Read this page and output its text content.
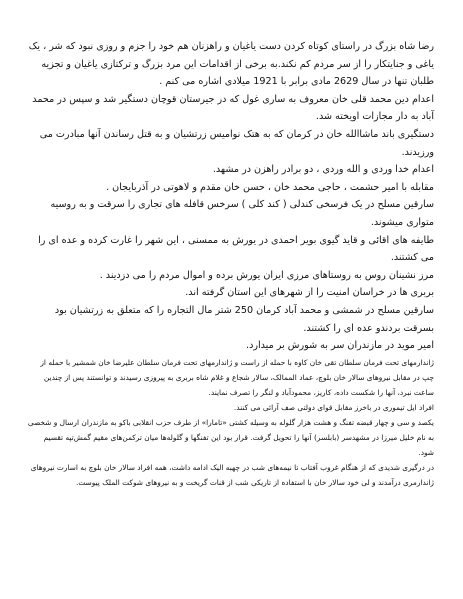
رضا شاه بزرگ در راستای کوتاه کردن دست یاغیان و راهزنان هم خود را جزم و روزی نبود که شر ، یک یاغی و جنایتکار را از سر مردم کم نکند.به برخی از اقدامات این مرد بزرگ و ترکتازی یاغیان و تجزیه طلبان تنها در سال 2629 مادی برابر با 1921 میلادی اشاره می کنم .

اعدام دین محمد قلی خان معروف به ساری غول که در جیرستان قوچان دستگیر شد و سپس در محمد آباد به دار مجازات اویخته شد.

دستگیری باند ماشاالله خان در کرمان که به هتک نوامیس زرتشیان و به قتل رساندن آنها مبادرت می ورزیدند.

اعدام خدا وردی و الله وردی ، دو برادر راهزن در مشهد.

مقابله با امیر حشمت ، حاجی محمد خان ، حسن خان مقدم و لاهوتی در آذربایجان .

سارقین مسلح در یک فرسخی کندلی ( کند کلی ) سرخس قافله های تجاری را سرقت و به روسیه متواری میشوند.

طایفه های اقائی و قاید گیوی بویر احمدی در یورش به ممسنی ، این شهر را غارت کرده و عده ای را می کشتند.

مرز نشینان روس به روستاهای مرزی ایران یورش برده و اموال مردم را می دزدیند .

بربری ها در خراسان امنیت را از شهرهای این استان گرفته اند.

سارقین مسلح در شمشی و محمد آباد کرمان 250 شتر مال التجاره را که متعلق به زرتشیان بود بسرقت بردندو عده ای را کشتند.

امیر موید در مازندران سر به شورش بر میدارد.

ژاندارمهای تحت فرمان سلطان تقی خان کاوه با حمله از راست و ژاندارمهای تحت فرمان سلطان علیرضا خان شمشیر با حمله از چپ در مقابل نیروهای سالار خان بلوچ، عماد الممالک، سالار شجاع و غلام شاه بربری به پیروزی رسیدند و توانستند پس از چندین ساعت نبرد، آنها را شکست داده، کاریز، محمودآباد و لنگر را تصرف نمایند.

افراد ایل تیموری در باخرز مقابل قوای دولتی صف آرائی می کنند.

یکصد و سی و چهار قبضه تفنگ و هشت هزار گلوله به وسیله کشتی «تامارا» از طرف حزب انقلابی باکو به مازندران ارسال و شخصی به نام خلیل میرزا در مشهدسر (بابلسر) آنها را تحویل گرفت. قرار بود این تفنگها و گلوله‌ها میان ترکمن‌های مقیم گمش‌تپه تقسیم شود.

در درگیری شدیدی که از هنگام غروب آفتاب تا نیمه‌های شب در چهبه الیک ادامه داشت، همه افراد سالار خان بلوچ به اسارت نیروهای ژاندارمری درآمدند و لی خود سالار خان با استفاده از تاریکی شب از قنات گریخت و به نیروهای شوکت الملک پیوست.
